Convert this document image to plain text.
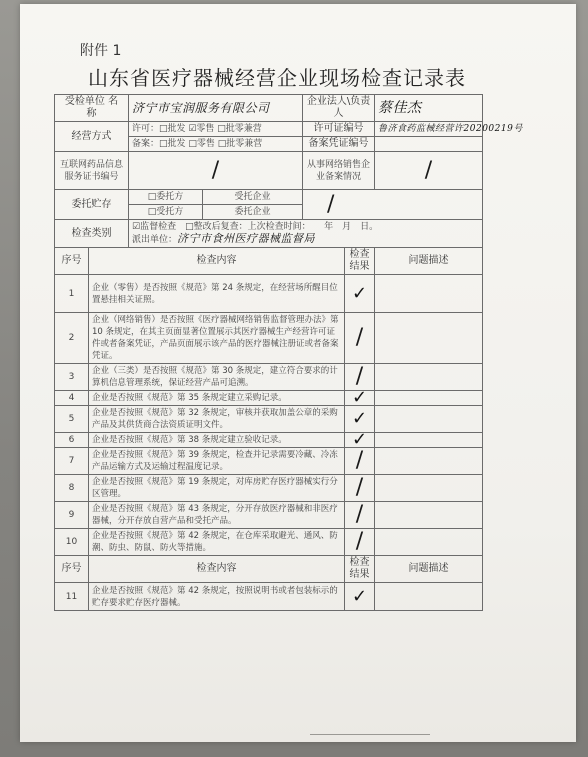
附件 1
山东省医疗器械经营企业现场检查记录表
受检单位 名　　称		济宁市宝润服务有限公司		企业法人\负责人		蔡佳杰
经营方式		许可：□批发 ☑零售 □批零兼营		许可证编号		鲁济食药监械经营许20200219号
		备案：□批发 □零售 □批零兼营		备案凭证编号		
互联网药品信息服务证书编号		/		从事网络销售企业备案情况		/
委托贮存		□委托方	受托企业	/		
		□受托方	委托企业			
检查类别		☑监督检查　□整改后复查：上次检查时间：　　年　月　日。
派出单位：济宁市食州医疗器械监督局				

序号	检查内容				检查结果	问题描述
1	企业（零售）是否按照《规范》第 24 条规定，在经营场所醒目位置悬挂相关证照。				✓	
2	企业（网络销售）是否按照《医疗器械网络销售监督管理办法》第 10 条规定，在其主页面显著位置展示其医疗器械生产经营许可证件或者备案凭证，产品页面展示该产品的医疗器械注册证或者备案凭证。				/	
3	企业（三类）是否按照《规范》第 30 条规定，建立符合要求的计算机信息管理系统，保证经营产品可追溯。				/	
4	企业是否按照《规范》第 35 条规定建立采购记录。				✓	
5	企业是否按照《规范》第 32 条规定，审核并获取加盖公章的采购产品及其供货商合法资质证明文件。				✓	
6	企业是否按照《规范》第 38 条规定建立验收记录。				✓	
7	企业是否按照《规范》第 39 条规定，检查并记录需要冷藏、冷冻产品运输方式及运输过程温度记录。				/	
8	企业是否按照《规范》第 19 条规定，对库房贮存医疗器械实行分区管理。				/	
9	企业是否按照《规范》第 43 条规定，分开存放医疗器械和非医疗器械，分开存放自营产品和受托产品。				/	
10	企业是否按照《规范》第 42 条规定，在仓库采取避光、通风、防潮、防虫、防鼠、防火等措施。				/	
序号	检查内容				检查结果	问题描述
11	企业是否按照《规范》第 42 条规定，按照说明书或者包装标示的贮存要求贮存医疗器械。				✓	
